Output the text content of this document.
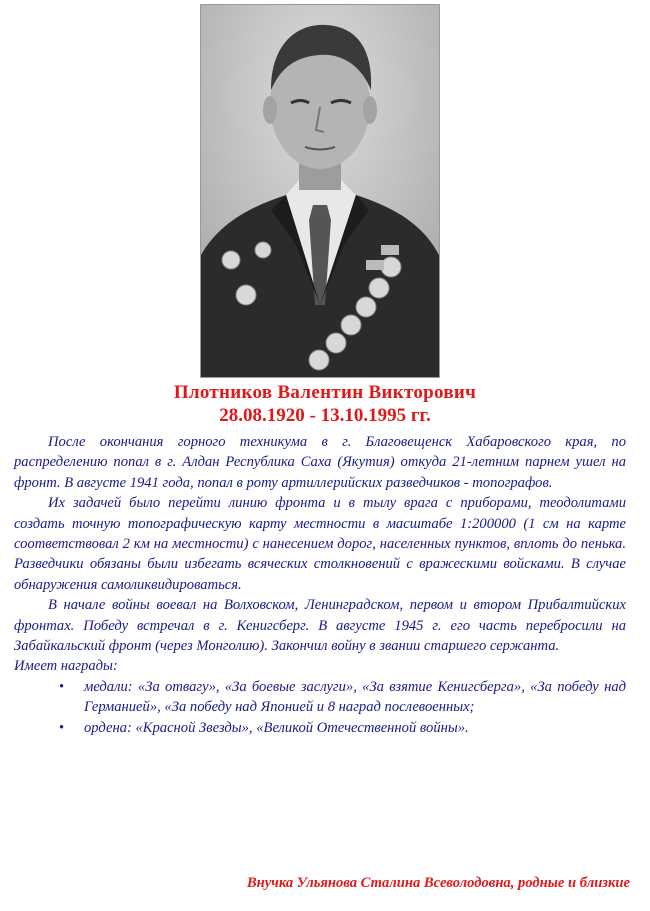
Плотников Валентин Викторович
28.08.1920 - 13.10.1995 гг.

После окончания горного техникума в г. Благовещенск Хабаровского края, по распределению попал в г. Алдан Республика Саха (Якутия) откуда 21-летним парнем ушел на фронт. В августе 1941 года, попал в роту артиллерийских разведчиков - топографов.

Их задачей было перейти линию фронта и в тылу врага с приборами, теодолитами создать точную топографическую карту местности в масштабе 1:200000 (1 см на карте соответствовал 2 км на местности) с нанесением дорог, населенных пунктов, вплоть до пенька. Разведчики обязаны были избегать всяческих столкновений с вражескими войсками. В случае обнаружения самоликвидироваться.

В начале войны воевал на Волховском, Ленинградском, первом и втором Прибалтийских фронтах. Победу встречал в г. Кенигсберг. В августе 1945 г. его часть перебросили на Забайкальский фронт (через Монголию). Закончил войну в звании старшего сержанта.

Имеет награды:

•	медали: «За отвагу», «За боевые заслуги», «За взятие Кенигсберга», «За победу над Германией», «За победу над Японией и 8 наград послевоенных;
•	ордена: «Красной Звезды», «Великой Отечественной войны».
Внучка Ульянова Сталина Всеволодовна, родные и близкие
